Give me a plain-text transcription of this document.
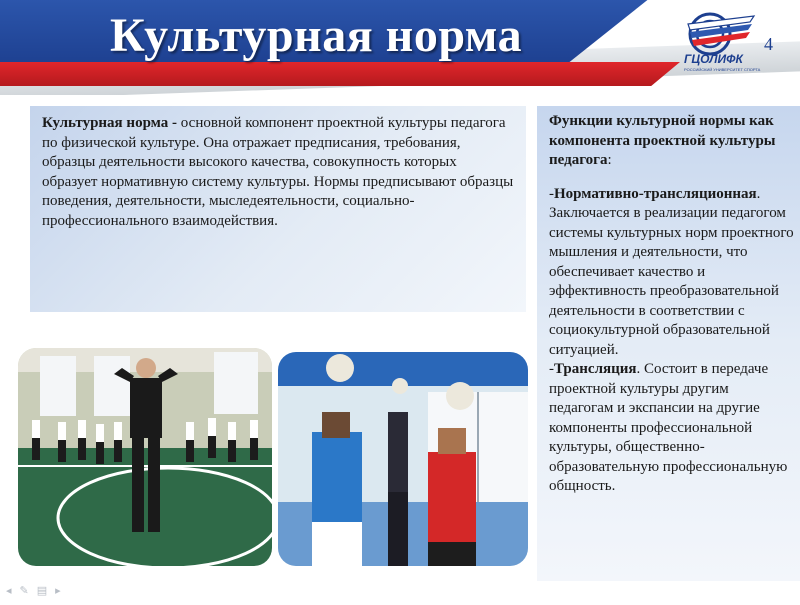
Культурная норма	ГЦОЛИФК
РОССИЙСКИЙ УНИВЕРСИТЕТ СПОРТА
4
Культурная норма - основной компонент проектной культуры педагога по физической культуре. Она отражает предписания, требования, образцы деятельности высокого качества, совокупность которых образует нормативную систему культуры. Нормы предписывают образцы поведения, деятельности, мыследеятельности, социально-профессионального взаимодействия.

Функции культурной нормы как компонента проектной культуры педагога:

-Нормативно-трансляционная. Заключается в реализации педагогом системы культурных норм проектного мышления и деятельности, что обеспечивает качество и эффективность преобразовательной деятельности в соответствии с социокультурной образовательной ситуацией.

-Трансляция. Состоит в передаче проектной культуры другим педагогам и экспансии на другие компоненты профессиональной культуры, общественно-образовательную профессиональную общность.

◂ ✎ ▤ ▸
